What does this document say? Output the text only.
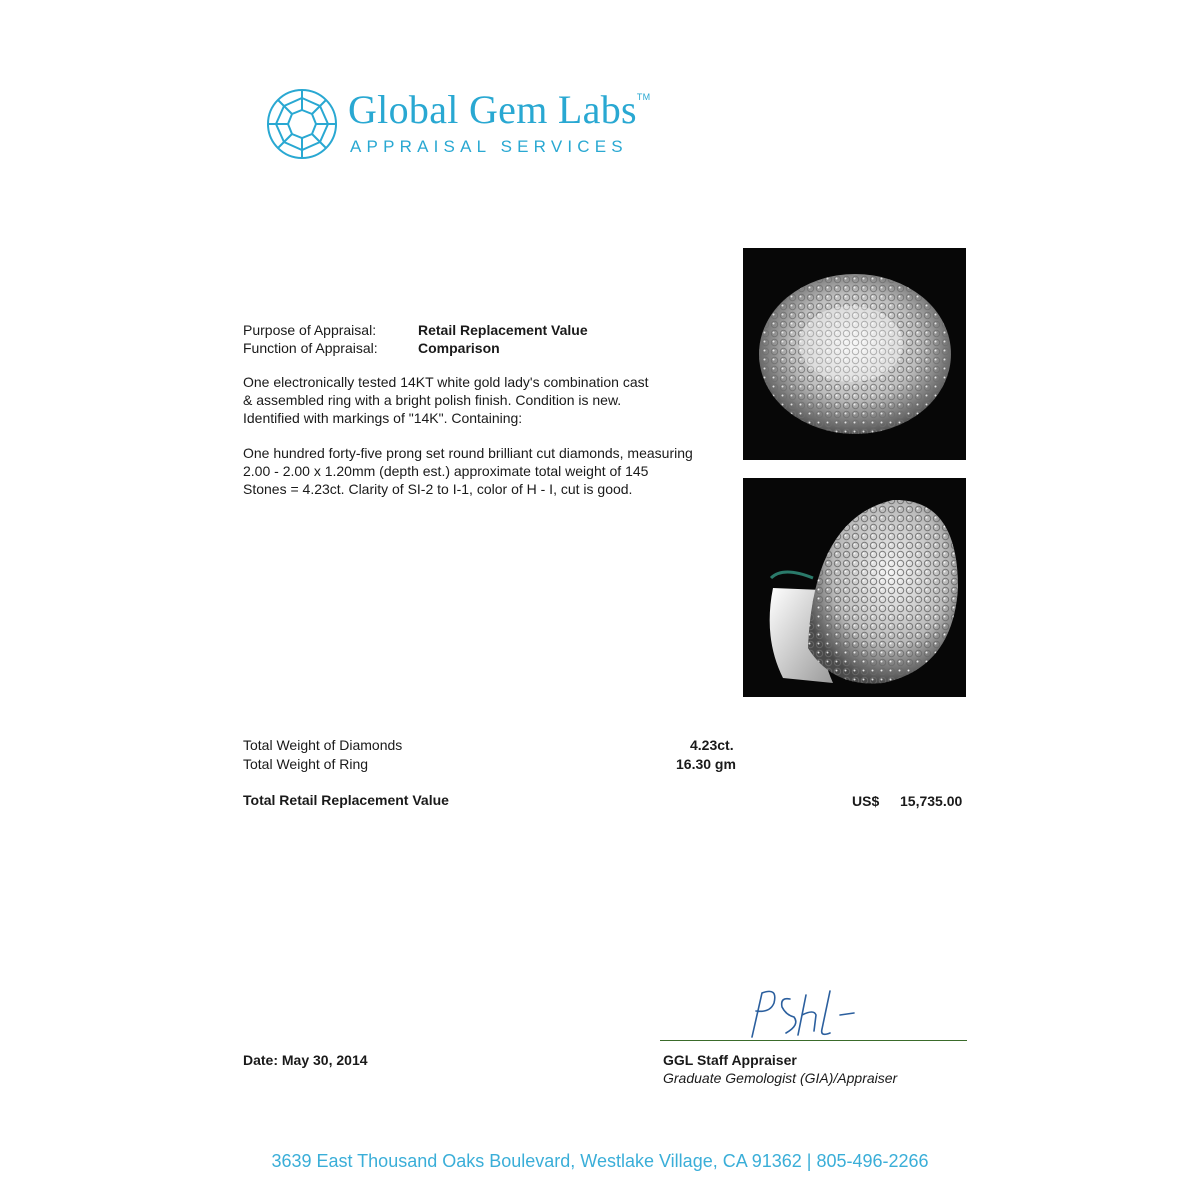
Global Gem Labs™
APPRAISAL SERVICES
Purpose of Appraisal:	Retail Replacement Value
Function of Appraisal:	Comparison
One electronically tested 14KT white gold lady's combination cast
& assembled ring with a bright polish finish. Condition is new.
Identified with markings of "14K". Containing:
One hundred forty-five prong set round brilliant cut diamonds, measuring
2.00 - 2.00 x 1.20mm (depth est.) approximate total weight of 145
Stones = 4.23ct. Clarity of SI-2 to I-1, color of H - I, cut is good.
Total Weight of Diamonds	4.23ct.
Total Weight of Ring	16.30 gm
Total Retail Replacement Value	US$ 15,735.00
Date: May 30, 2014	GGL Staff Appraiser
Graduate Gemologist (GIA)/Appraiser
3639 East Thousand Oaks Boulevard, Westlake Village, CA 91362 | 805-496-2266
